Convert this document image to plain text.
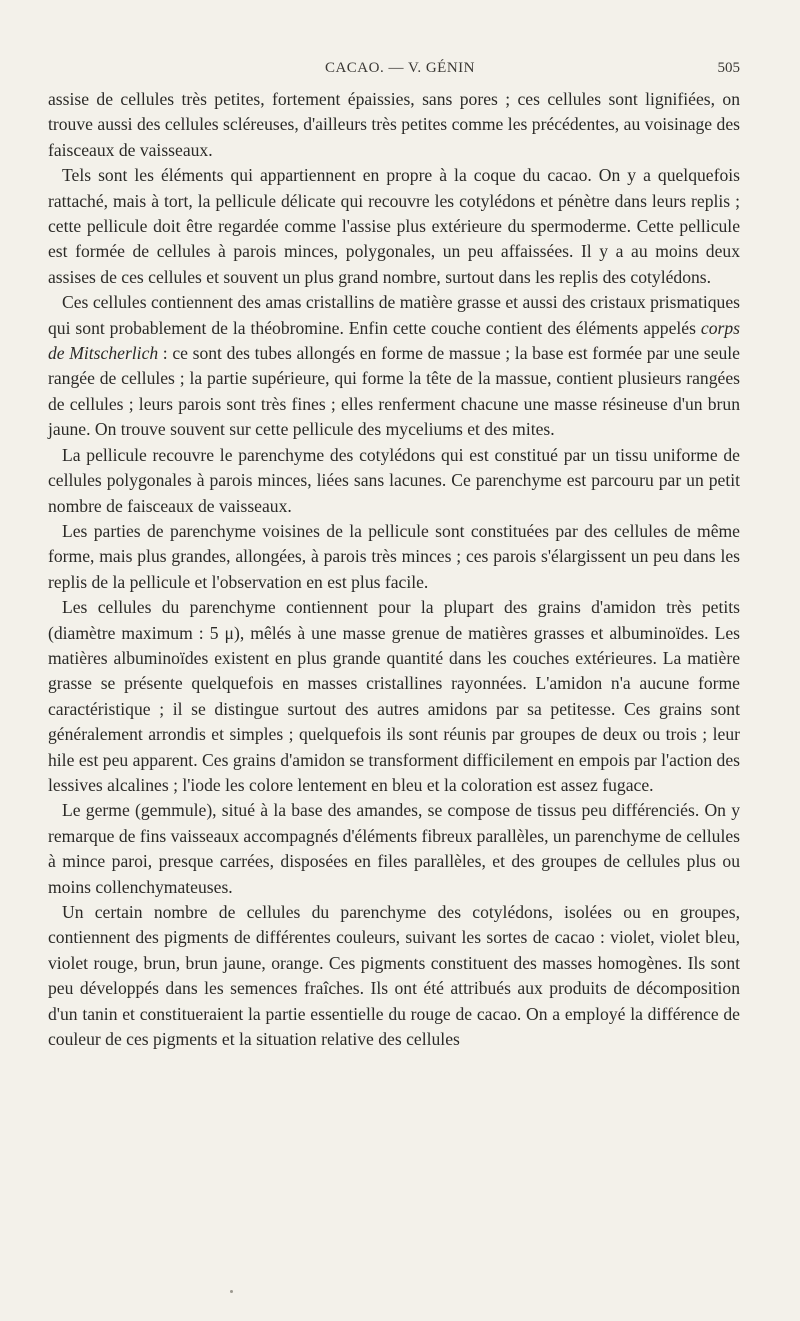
CACAO. — V. GÉNIN	505

assise de cellules très petites, fortement épaissies, sans pores ; ces cellules sont lignifiées, on trouve aussi des cellules scléreuses, d'ailleurs très petites comme les précédentes, au voisinage des faisceaux de vaisseaux.

Tels sont les éléments qui appartiennent en propre à la coque du cacao. On y a quelquefois rattaché, mais à tort, la pellicule délicate qui recouvre les cotylédons et pénètre dans leurs replis ; cette pellicule doit être regardée comme l'assise plus extérieure du spermoderme. Cette pellicule est formée de cellules à parois minces, polygonales, un peu affaissées. Il y a au moins deux assises de ces cellules et souvent un plus grand nombre, surtout dans les replis des cotylédons.

Ces cellules contiennent des amas cristallins de matière grasse et aussi des cristaux prismatiques qui sont probablement de la théobromine. Enfin cette couche contient des éléments appelés corps de Mitscherlich : ce sont des tubes allongés en forme de massue ; la base est formée par une seule rangée de cellules ; la partie supérieure, qui forme la tête de la massue, contient plusieurs rangées de cellules ; leurs parois sont très fines ; elles renferment chacune une masse résineuse d'un brun jaune. On trouve souvent sur cette pellicule des myceliums et des mites.

La pellicule recouvre le parenchyme des cotylédons qui est constitué par un tissu uniforme de cellules polygonales à parois minces, liées sans lacunes. Ce parenchyme est parcouru par un petit nombre de faisceaux de vaisseaux.

Les parties de parenchyme voisines de la pellicule sont constituées par des cellules de même forme, mais plus grandes, allongées, à parois très minces ; ces parois s'élargissent un peu dans les replis de la pellicule et l'observation en est plus facile.

Les cellules du parenchyme contiennent pour la plupart des grains d'amidon très petits (diamètre maximum : 5 μ), mêlés à une masse grenue de matières grasses et albuminoïdes. Les matières albuminoïdes existent en plus grande quantité dans les couches extérieures. La matière grasse se présente quelquefois en masses cristallines rayonnées. L'amidon n'a aucune forme caractéristique ; il se distingue surtout des autres amidons par sa petitesse. Ces grains sont généralement arrondis et simples ; quelquefois ils sont réunis par groupes de deux ou trois ; leur hile est peu apparent. Ces grains d'amidon se transforment difficilement en empois par l'action des lessives alcalines ; l'iode les colore lentement en bleu et la coloration est assez fugace.

Le germe (gemmule), situé à la base des amandes, se compose de tissus peu différenciés. On y remarque de fins vaisseaux accompagnés d'éléments fibreux parallèles, un parenchyme de cellules à mince paroi, presque carrées, disposées en files parallèles, et des groupes de cellules plus ou moins collenchymateuses.

Un certain nombre de cellules du parenchyme des cotylédons, isolées ou en groupes, contiennent des pigments de différentes couleurs, suivant les sortes de cacao : violet, violet bleu, violet rouge, brun, brun jaune, orange. Ces pigments constituent des masses homogènes. Ils sont peu développés dans les semences fraîches. Ils ont été attribués aux produits de décomposition d'un tanin et constitueraient la partie essentielle du rouge de cacao. On a employé la différence de couleur de ces pigments et la situation relative des cellules
